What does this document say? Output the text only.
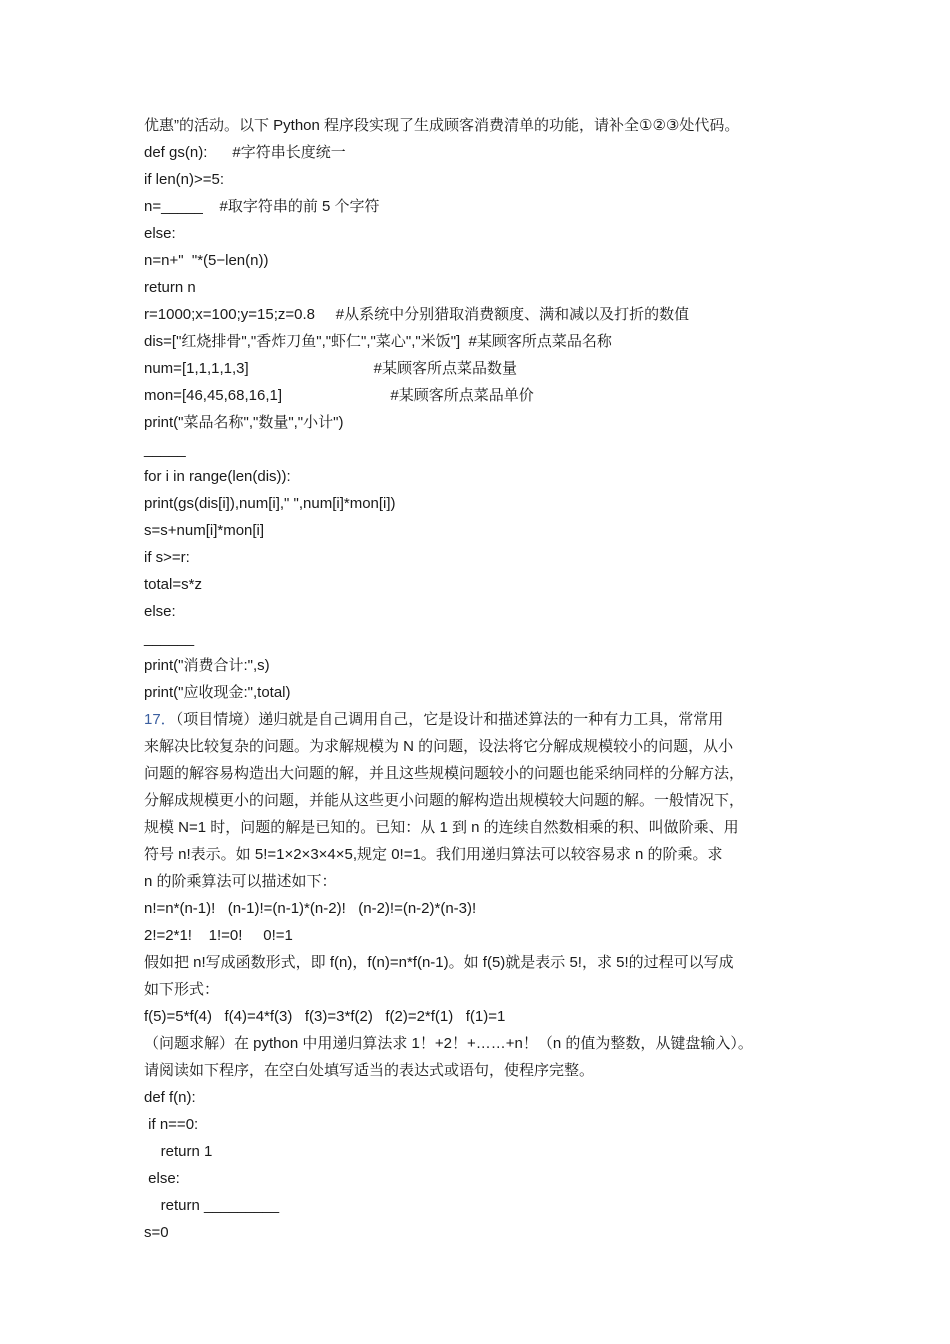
优惠”的活动。以下 Python 程序段实现了生成顾客消费清单的功能，请补全①②③处代码。
def gs(n):      #字符串长度统一
if len(n)>=5:
n=_____    #取字符串的前 5 个字符
else:
n=n+"  "*(5−len(n))
return n
r=1000;x=100;y=15;z=0.8     #从系统中分别猎取消费额度、满和减以及打折的数值
dis=["红烧排骨","香炸刀鱼","虾仁","菜心","米饭"]  #某顾客所点菜品名称
num=[1,1,1,1,3]                              #某顾客所点菜品数量
mon=[46,45,68,16,1]                          #某顾客所点菜品单价
print("菜品名称","数量","小计")
_____
for i in range(len(dis)):
print(gs(dis[i]),num[i]," ",num[i]*mon[i])
s=s+num[i]*mon[i]
if s>=r:
total=s*z
else:
______
print("消费合计:",s)
print("应收现金:",total)
17．（项目情境）递归就是自己调用自己，它是设计和描述算法的一种有力工具，常常用
来解决比较复杂的问题。为求解规模为 N 的问题，设法将它分解成规模较小的问题，从小
问题的解容易构造出大问题的解，并且这些规模问题较小的问题也能采纳同样的分解方法，
分解成规模更小的问题，并能从这些更小问题的解构造出规模较大问题的解。一般情况下，
规模 N=1 时，问题的解是已知的。已知：从 1 到 n 的连续自然数相乘的积、叫做阶乘、用
符号 n!表示。如 5!=1×2×3×4×5,规定 0!=1。我们用递归算法可以较容易求 n 的阶乘。求
n 的阶乘算法可以描述如下：
n!=n*(n-1)!   (n-1)!=(n-1)*(n-2)!   (n-2)!=(n-2)*(n-3)!
2!=2*1!    1!=0!     0!=1
假如把 n!写成函数形式，即 f(n)，f(n)=n*f(n-1)。如 f(5)就是表示 5!，求 5!的过程可以写成
如下形式：
f(5)=5*f(4)   f(4)=4*f(3)   f(3)=3*f(2)   f(2)=2*f(1)   f(1)=1
（问题求解）在 python 中用递归算法求 1！+2！+……+n！（n 的值为整数，从键盘输入）。
请阅读如下程序，在空白处填写适当的表达式或语句，使程序完整。
def f(n):
if n==0:
return 1
else:
return _________
s=0
